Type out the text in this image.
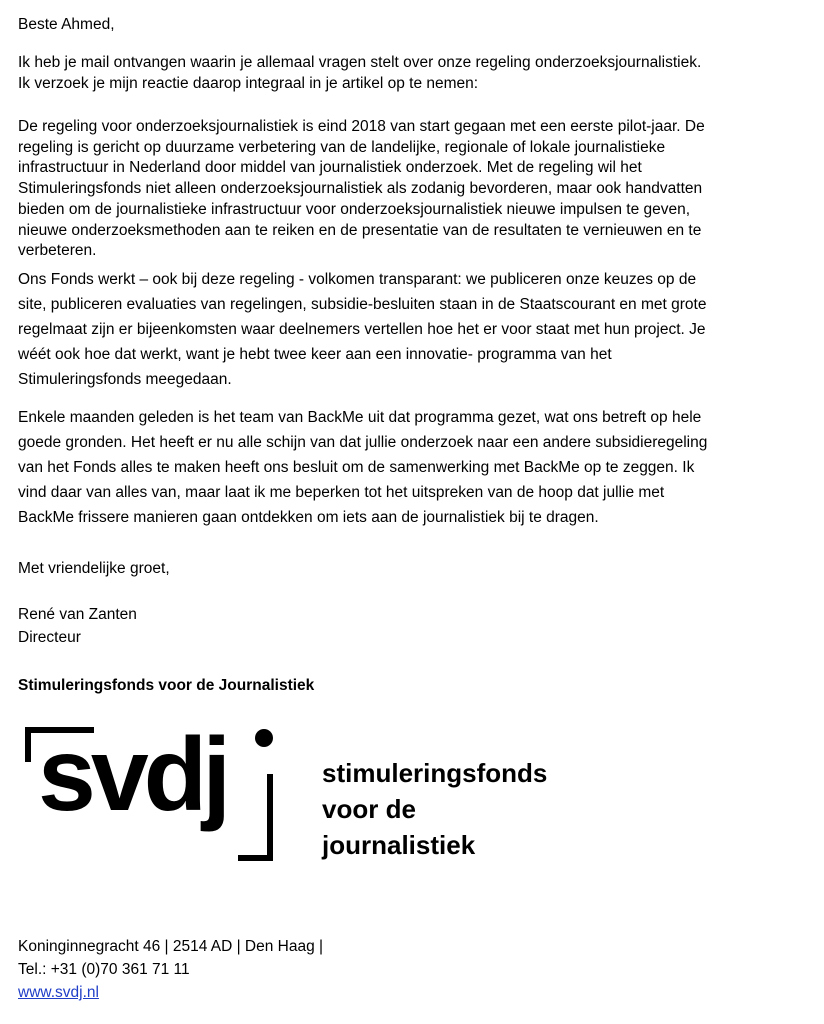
Beste Ahmed,

Ik heb je mail ontvangen waarin je allemaal vragen stelt over onze regeling onderzoeksjournalistiek.
Ik verzoek je mijn reactie daarop integraal in je artikel op te nemen:
De regeling voor onderzoeksjournalistiek is eind 2018 van start gegaan met een eerste pilot-jaar. De
regeling is gericht op duurzame verbetering van de landelijke, regionale of lokale journalistieke
infrastructuur in Nederland door middel van journalistiek onderzoek. Met de regeling wil het
Stimuleringsfonds niet alleen onderzoeksjournalistiek als zodanig bevorderen, maar ook handvatten
bieden om de journalistieke infrastructuur voor onderzoeksjournalistiek nieuwe impulsen te geven,
nieuwe onderzoeksmethoden aan te reiken en de presentatie van de resultaten te vernieuwen en te
verbeteren.
Ons Fonds werkt – ook bij deze regeling - volkomen transparant: we publiceren onze keuzes op de
site, publiceren evaluaties van regelingen, subsidie-besluiten staan in de Staatscourant en met grote
regelmaat zijn er bijeenkomsten waar deelnemers vertellen hoe het er voor staat met hun project. Je
wéét ook hoe dat werkt, want je hebt twee keer aan een innovatie- programma van het
Stimuleringsfonds meegedaan.
Enkele maanden geleden is het team van BackMe uit dat programma gezet, wat ons betreft op hele
goede gronden. Het heeft er nu alle schijn van dat jullie onderzoek naar een andere subsidieregeling
van het Fonds alles te maken heeft ons besluit om de samenwerking met BackMe op te zeggen. Ik
vind daar van alles van, maar laat ik me beperken tot het uitspreken van de hoop dat jullie met
BackMe frissere manieren gaan ontdekken om iets aan de journalistiek bij te dragen.

Met vriendelijke groet,

René van Zanten

Directeur

Stimuleringsfonds voor de Journalistiek

svdj	stimuleringsfonds
voor de
journalistiek

Koninginnegracht 46 | 2514 AD | Den Haag |

Tel.: +31 (0)70 361 71 11

www.svdj.nl
